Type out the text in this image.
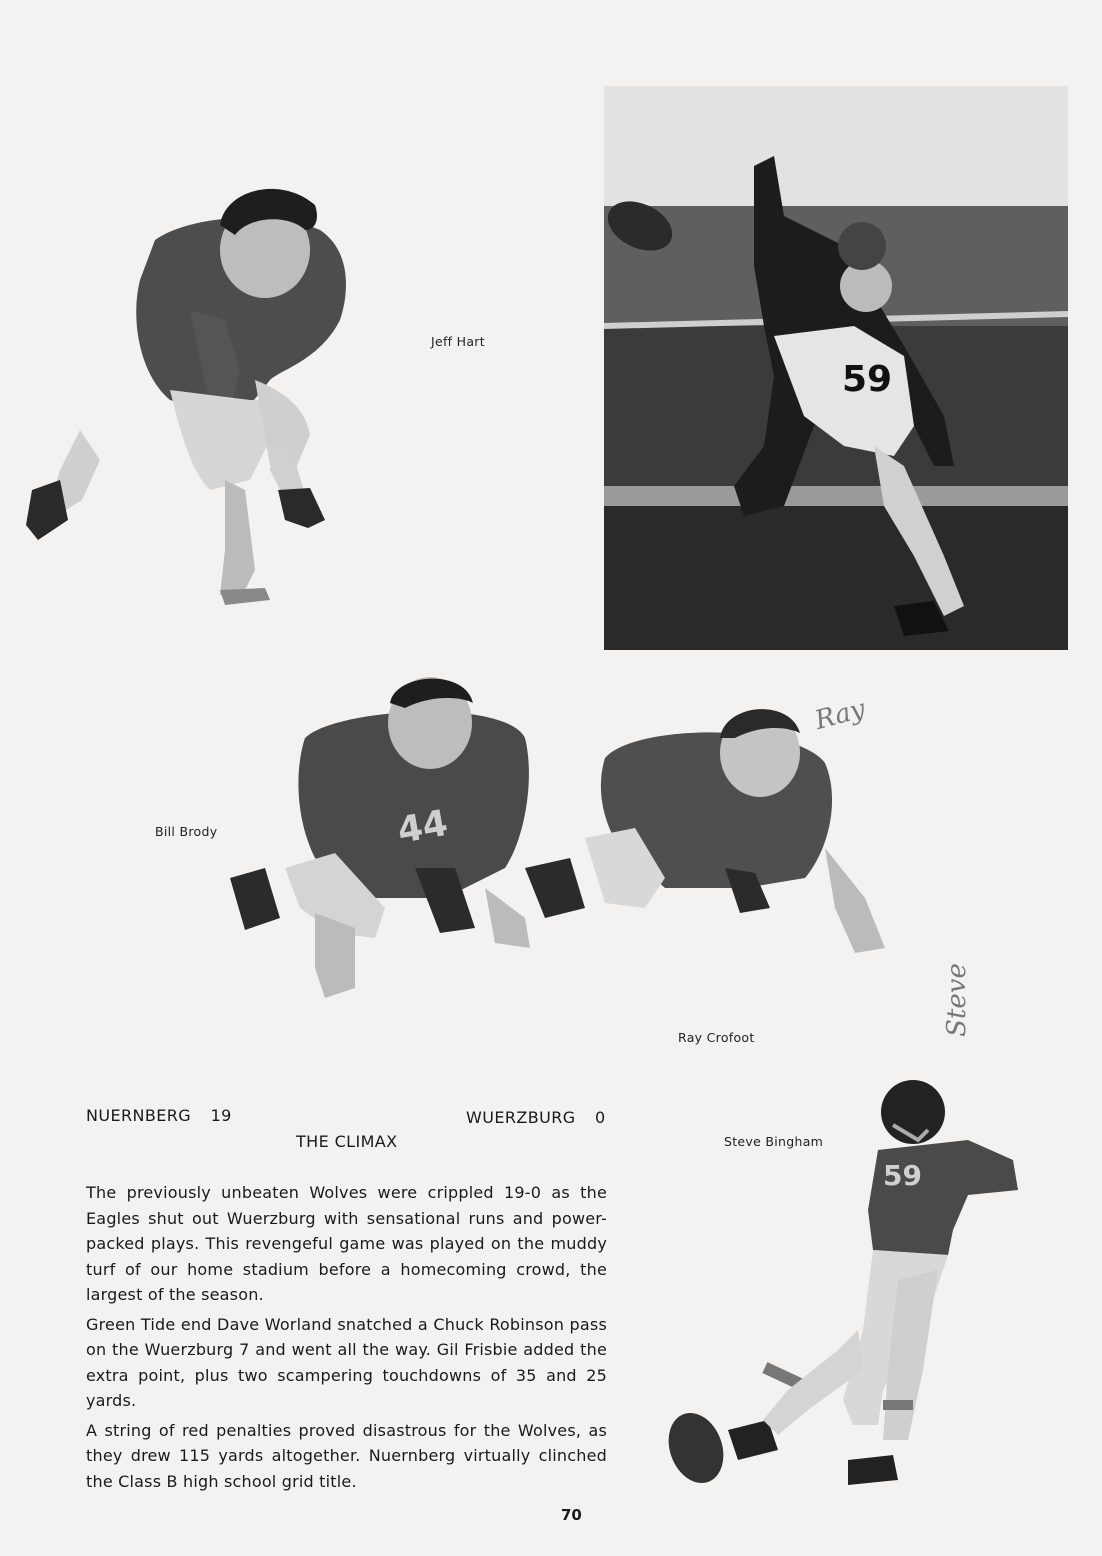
Jeff Hart
59
44
Bill Brody
Ray Crofoot
Ray
Steve
59
Steve Bingham
NUERNBERG 19	WUERZBURG 0
THE CLIMAX

The previously unbeaten Wolves were crippled 19-0 as the Eagles shut out Wuerzburg with sensational runs and power-packed plays. This revengeful game was played on the muddy turf of our home stadium before a homecoming crowd, the largest of the season.

Green Tide end Dave Worland snatched a Chuck Robinson pass on the Wuerzburg 7 and went all the way. Gil Frisbie added the extra point, plus two scampering touchdowns of 35 and 25 yards.

A string of red penalties proved disastrous for the Wolves, as they drew 115 yards altogether. Nuernberg virtually clinched the Class B high school grid title.

70
